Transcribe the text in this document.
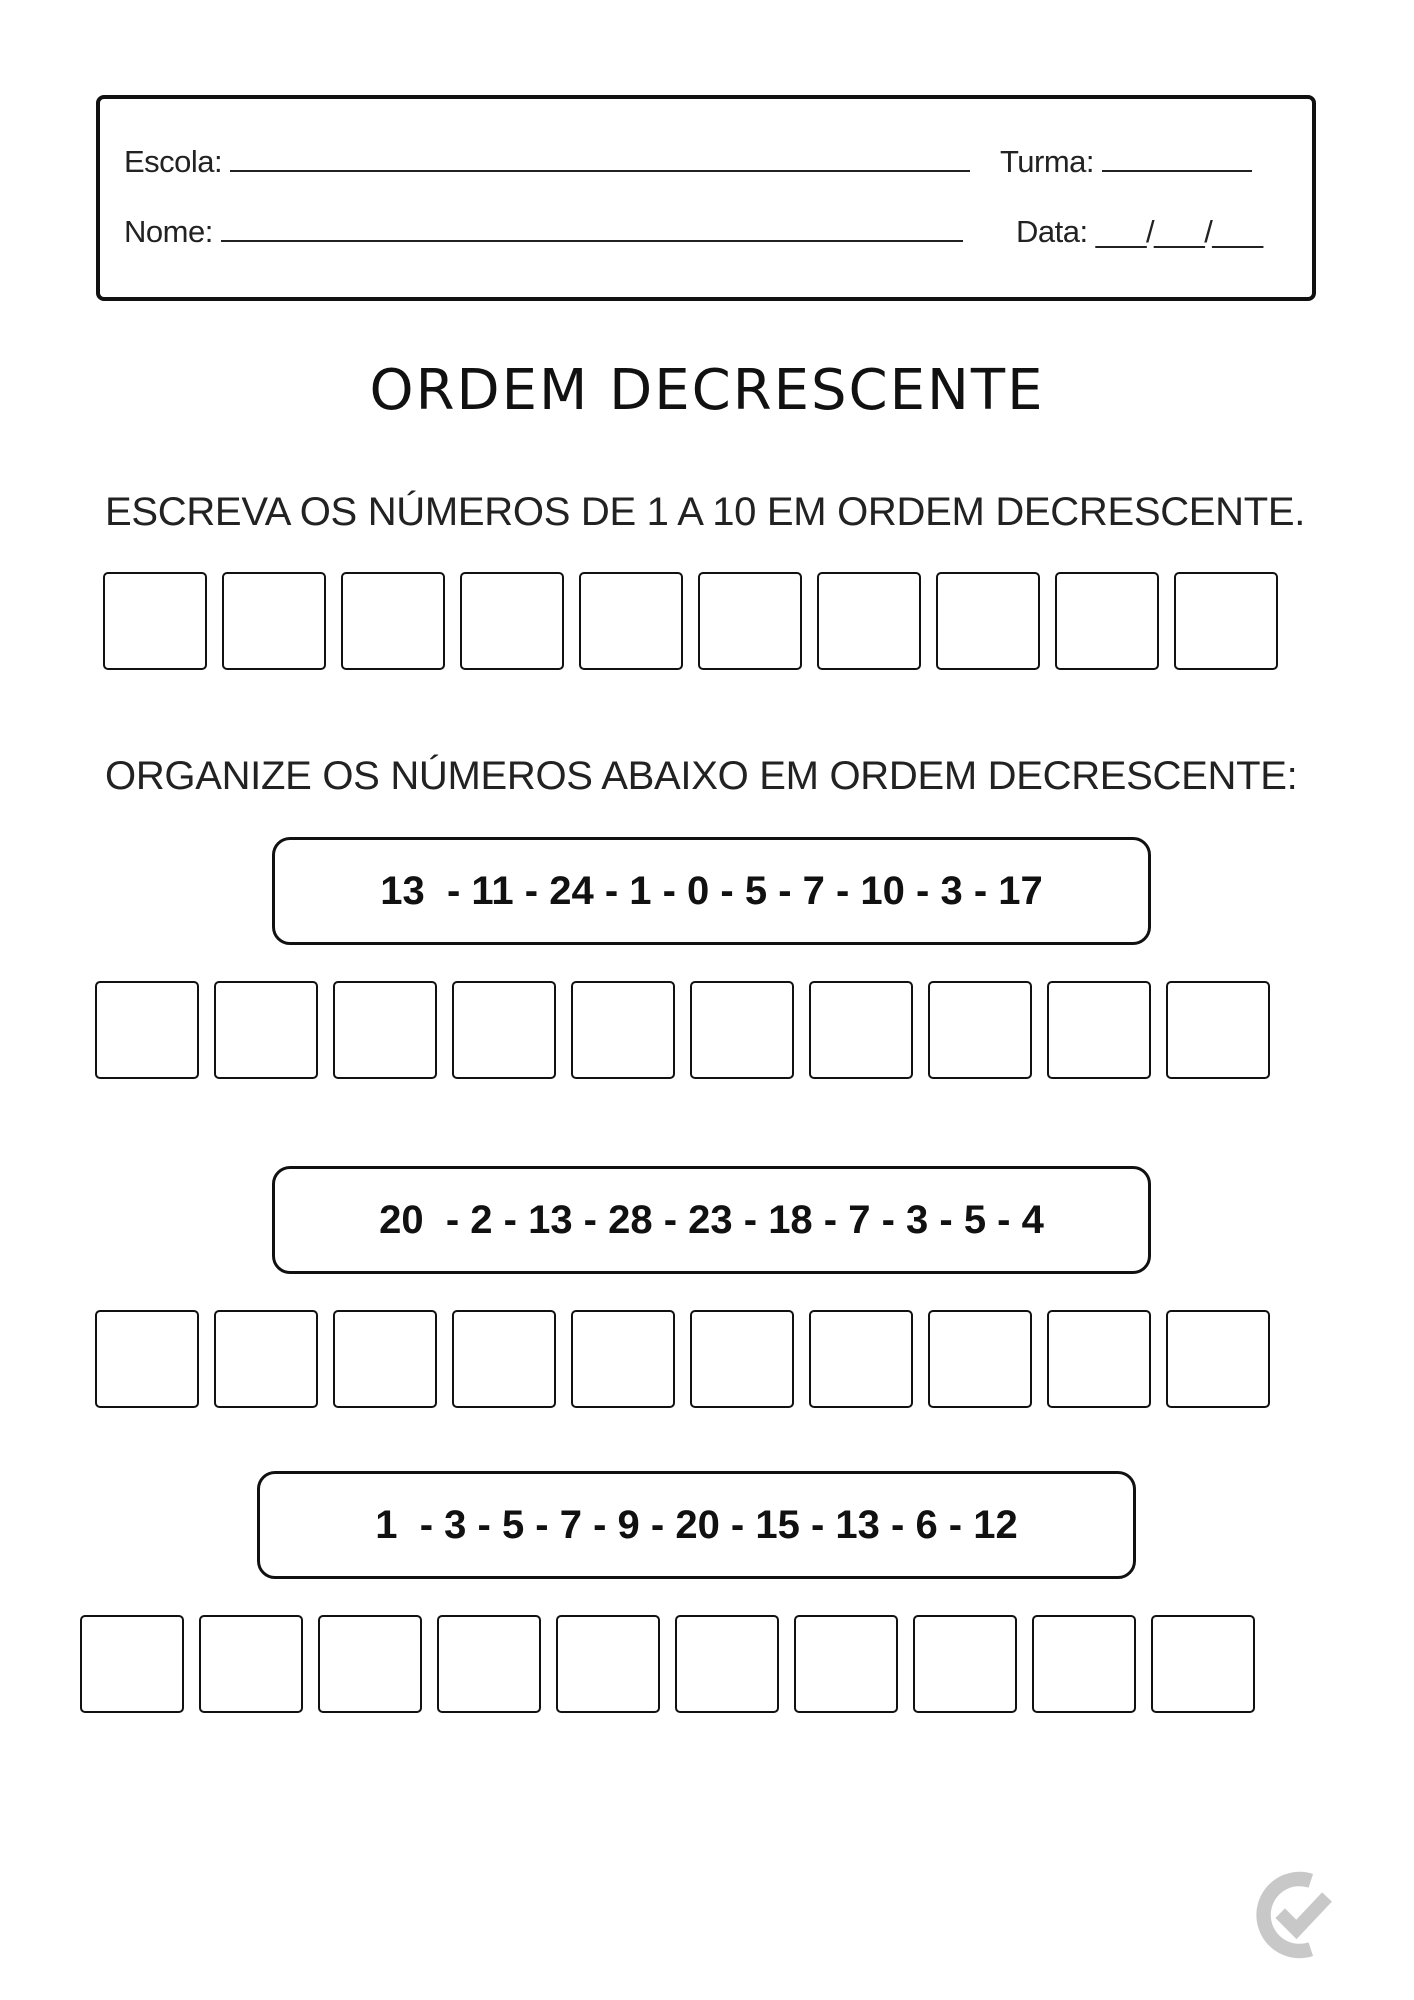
Escola:	Turma:
Nome:	Data: ___/___/___
ORDEM DECRESCENTE
ESCREVA OS NÚMEROS DE 1 A 10 EM ORDEM DECRESCENTE.
ORGANIZE OS NÚMEROS ABAIXO EM ORDEM DECRESCENTE:
13  - 11 - 24 - 1 - 0 - 5 - 7 - 10 - 3 - 17
20  - 2 - 13 - 28 - 23 - 18 - 7 - 3 - 5 - 4
1  - 3 - 5 - 7 - 9 - 20 - 15 - 13 - 6 - 12
